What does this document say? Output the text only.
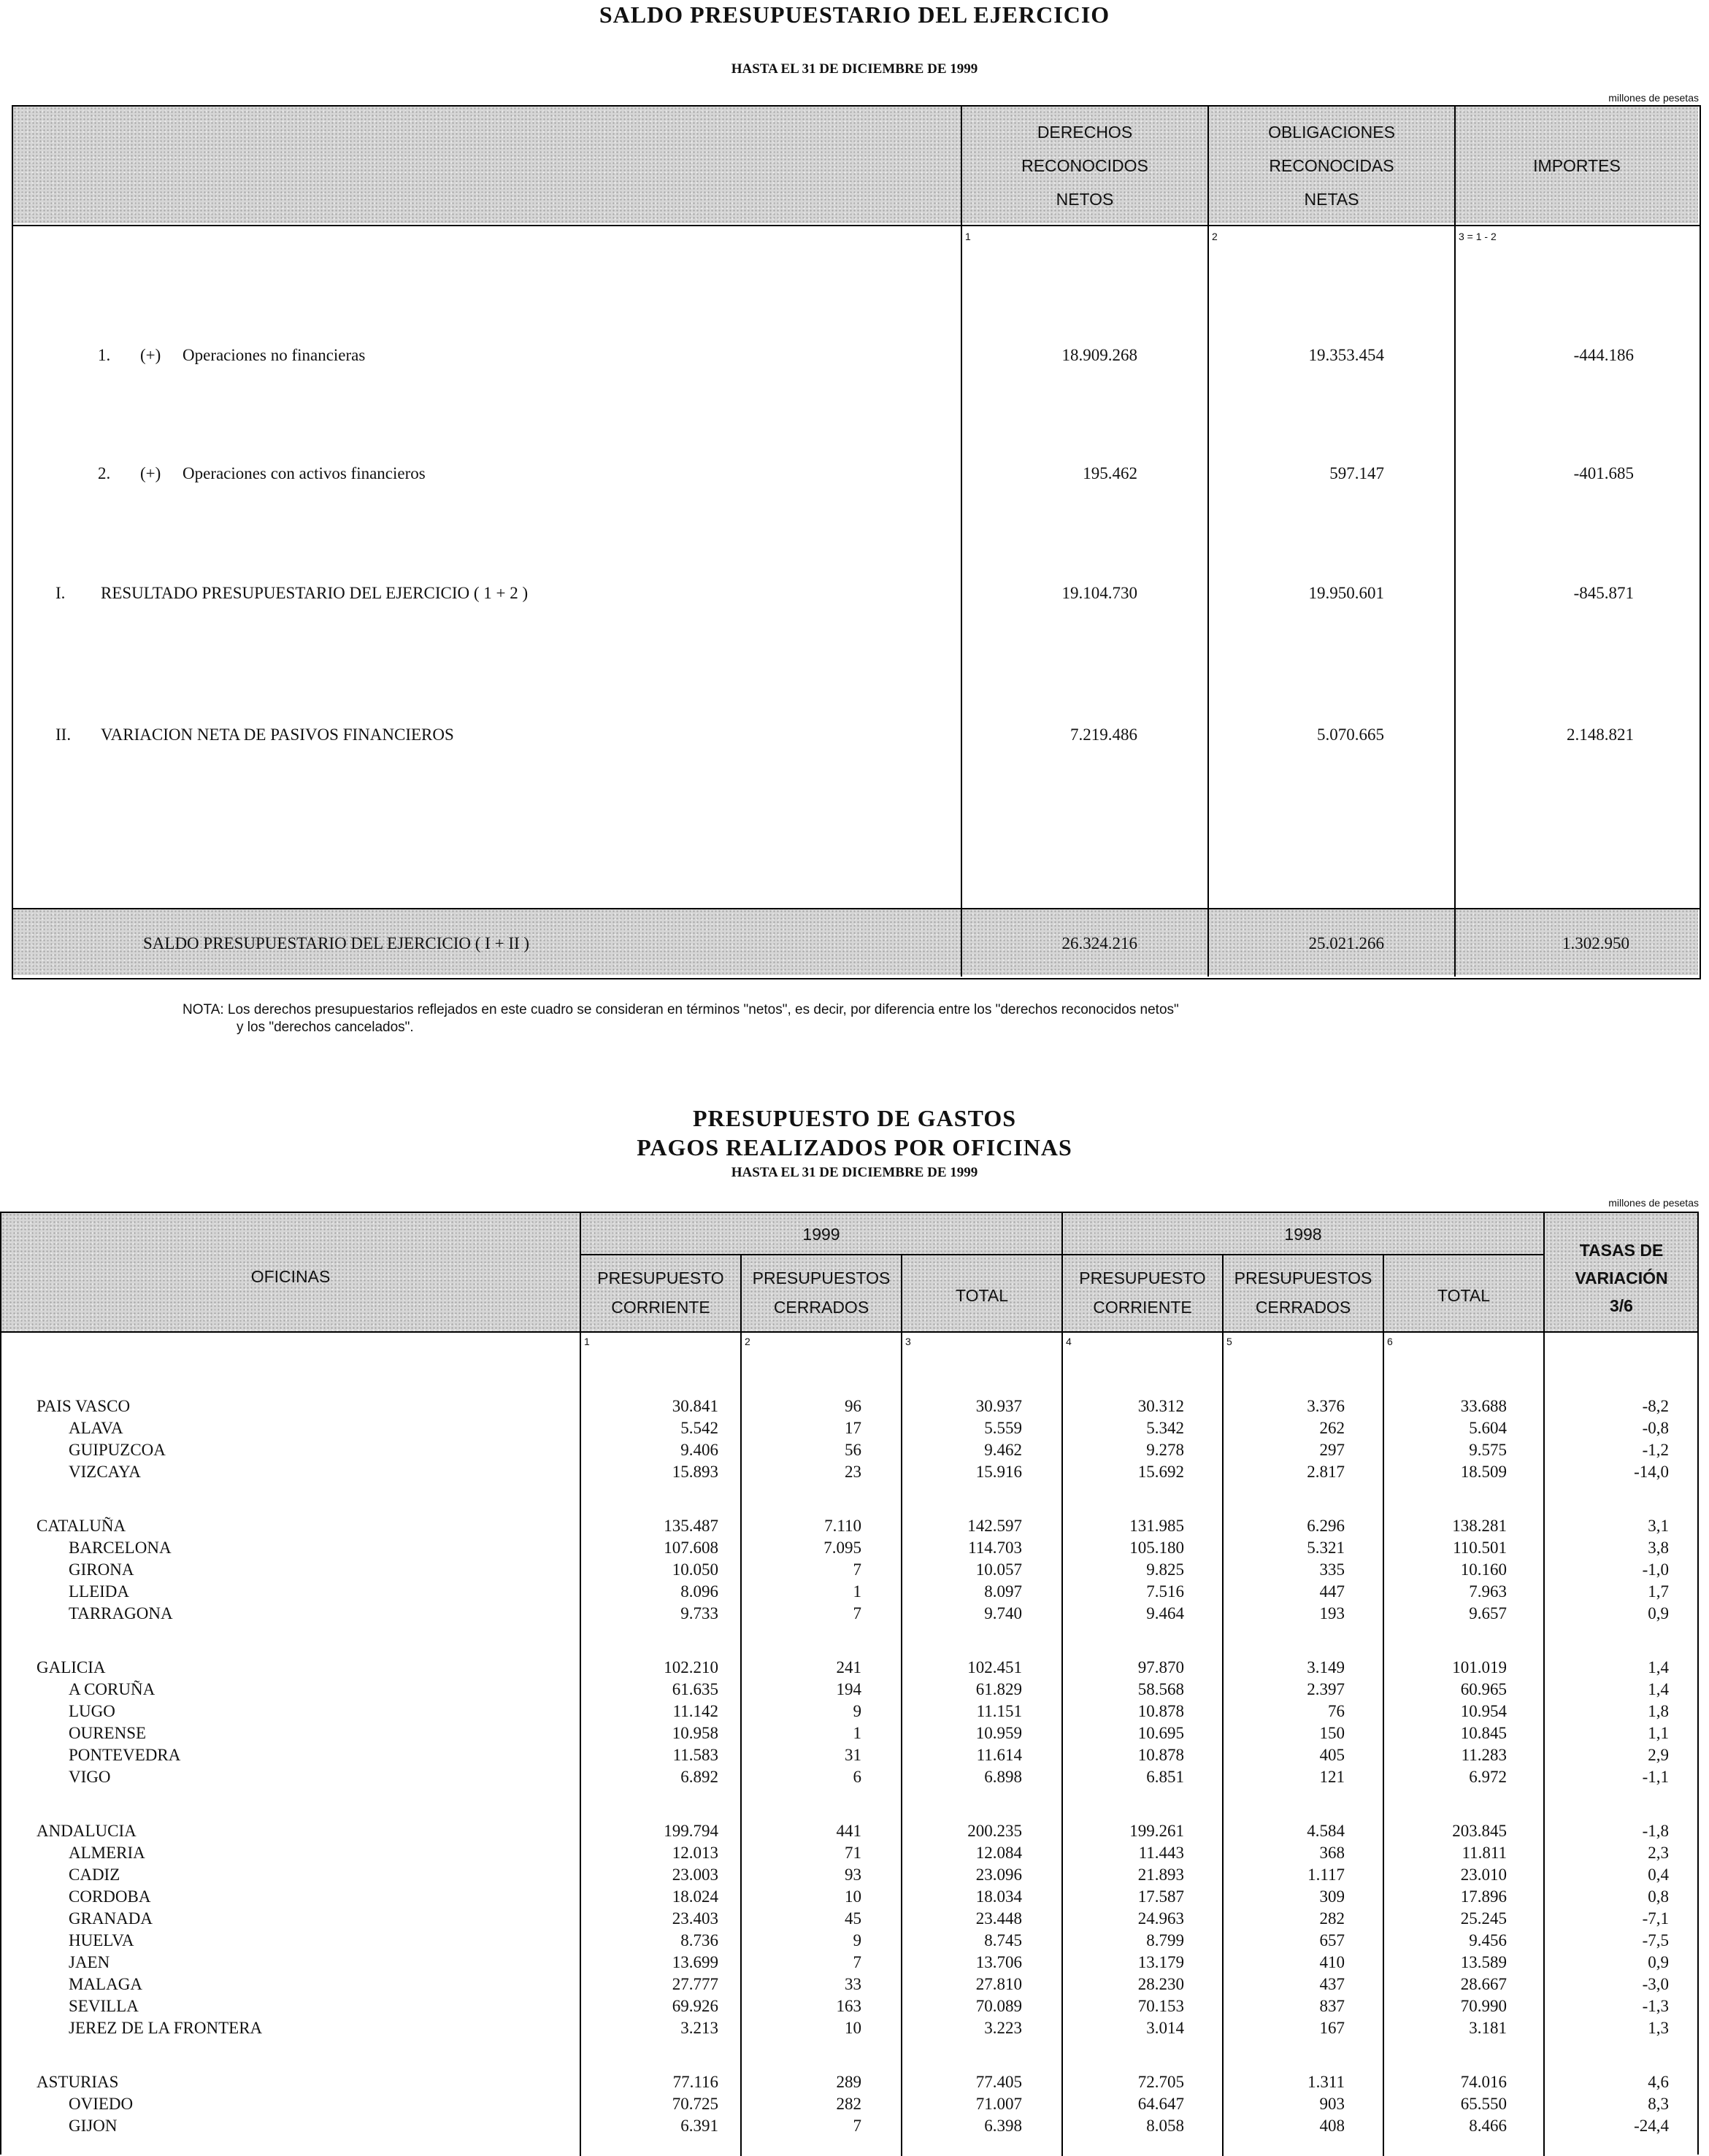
SALDO PRESUPUESTARIO DEL EJERCICIO
HASTA EL 31 DE DICIEMBRE DE 1999
millones de pesetas
DERECHOS
RECONOCIDOS
NETOS
OBLIGACIONES
RECONOCIDAS
NETAS
IMPORTES
1	2	3 = 1 - 2
1. (+) Operaciones no financieras	18.909.268	19.353.454	-444.186
2. (+) Operaciones con activos financieros	195.462	597.147	-401.685
I. RESULTADO PRESUPUESTARIO DEL EJERCICIO ( 1 + 2 )	19.104.730	19.950.601	-845.871
II. VARIACION NETA DE PASIVOS FINANCIEROS	7.219.486	5.070.665	2.148.821
SALDO PRESUPUESTARIO DEL EJERCICIO ( I + II )	26.324.216	25.021.266	1.302.950
NOTA: Los derechos presupuestarios reflejados en este cuadro se consideran en términos "netos", es decir, por diferencia entre los "derechos reconocidos netos"
y los "derechos cancelados".
PRESUPUESTO DE GASTOS
PAGOS REALIZADOS POR OFICINAS
HASTA EL 31 DE DICIEMBRE DE 1999
millones de pesetas
OFICINAS
1999	1998
PRESUPUESTO
CORRIENTE
PRESUPUESTOS
CERRADOS
TOTAL
PRESUPUESTO
CORRIENTE
PRESUPUESTOS
CERRADOS
TOTAL
TASAS DE
VARIACIÓN
3/6
1	2	3	4	5	6
PAIS VASCO	30.841	96	30.937	30.312	3.376	33.688	-8,2
ALAVA	5.542	17	5.559	5.342	262	5.604	-0,8
GUIPUZCOA	9.406	56	9.462	9.278	297	9.575	-1,2
VIZCAYA	15.893	23	15.916	15.692	2.817	18.509	-14,0
CATALUÑA	135.487	7.110	142.597	131.985	6.296	138.281	3,1
BARCELONA	107.608	7.095	114.703	105.180	5.321	110.501	3,8
GIRONA	10.050	7	10.057	9.825	335	10.160	-1,0
LLEIDA	8.096	1	8.097	7.516	447	7.963	1,7
TARRAGONA	9.733	7	9.740	9.464	193	9.657	0,9
GALICIA	102.210	241	102.451	97.870	3.149	101.019	1,4
A CORUÑA	61.635	194	61.829	58.568	2.397	60.965	1,4
LUGO	11.142	9	11.151	10.878	76	10.954	1,8
OURENSE	10.958	1	10.959	10.695	150	10.845	1,1
PONTEVEDRA	11.583	31	11.614	10.878	405	11.283	2,9
VIGO	6.892	6	6.898	6.851	121	6.972	-1,1
ANDALUCIA	199.794	441	200.235	199.261	4.584	203.845	-1,8
ALMERIA	12.013	71	12.084	11.443	368	11.811	2,3
CADIZ	23.003	93	23.096	21.893	1.117	23.010	0,4
CORDOBA	18.024	10	18.034	17.587	309	17.896	0,8
GRANADA	23.403	45	23.448	24.963	282	25.245	-7,1
HUELVA	8.736	9	8.745	8.799	657	9.456	-7,5
JAEN	13.699	7	13.706	13.179	410	13.589	0,9
MALAGA	27.777	33	27.810	28.230	437	28.667	-3,0
SEVILLA	69.926	163	70.089	70.153	837	70.990	-1,3
JEREZ DE LA FRONTERA	3.213	10	3.223	3.014	167	3.181	1,3
ASTURIAS	77.116	289	77.405	72.705	1.311	74.016	4,6
OVIEDO	70.725	282	71.007	64.647	903	65.550	8,3
GIJON	6.391	7	6.398	8.058	408	8.466	-24,4
